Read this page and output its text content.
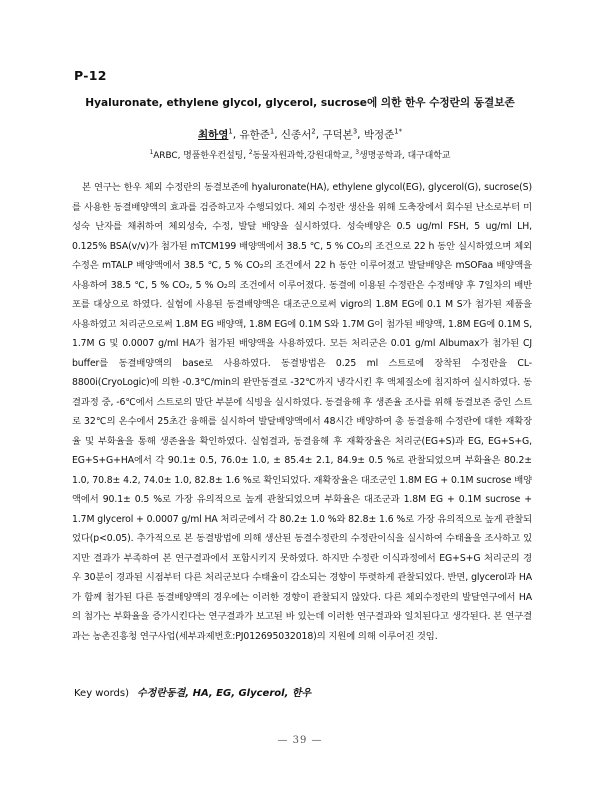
P-12
Hyaluronate, ethylene glycol, glycerol, sucrose에 의한 한우 수정란의 동결보존
최하영$^1$, 유한준$^1$, 신종서$^2$, 구덕본$^3$, 박정준$^{1*}$
$^1$ARBC, 명품한우컨설팅, $^2$동물자원과학,강원대학교, $^3$생명공학과, 대구대학교

본 연구는 한우 체외 수정란의 동결보존에 hyaluronate(HA), ethylene glycol(EG), glycerol(G), sucrose(S)를 사용한 동결배양액의 효과를 검증하고자 수행되었다. 체외 수정란 생산을 위해 도축장에서 회수된 난소로부터 미성숙 난자를 채취하여 체외성숙, 수정, 발달 배양을 실시하였다. 성숙배양은 0.5 ug/ml FSH, 5 ug/ml LH, 0.125% BSA(v/v)가 첨가된 mTCM199 배양액에서 38.5 ℃, 5 % CO₂의 조건으로 22 h 동안 실시하였으며 체외수정은 mTALP 배양액에서 38.5 ℃, 5 % CO₂의 조건에서 22 h 동안 이루어졌고 발달배양은 mSOFaa 배양액을 사용하여 38.5 ℃, 5 % CO₂, 5 % O₂의 조건에서 이루어졌다. 동결에 이용된 수정란은 수정배양 후 7일차의 배반포를 대상으로 하였다. 실험에 사용된 동결배양액은 대조군으로써 vigro의 1.8M EG에 0.1 M S가 첨가된 제품을 사용하였고 처리군으로써 1.8M EG 배양액, 1.8M EG에 0.1M S와 1.7M G이 첨가된 배양액, 1.8M EG에 0.1M S, 1.7M G 및 0.0007 g/ml HA가 첨가된 배양액을 사용하였다. 모든 처리군은 0.01 g/ml Albumax가 첨가된 CJ buffer를 동결배양액의 base로 사용하였다. 동결방법은 0.25 ml 스트로에 장착된 수정란을 CL-8800i(CryoLogic)에 의한 -0.3℃/min의 완만동결로 -32℃까지 냉각시킨 후 액체질소에 침지하여 실시하였다. 동결과정 중, -6℃에서 스트로의 말단 부분에 식빙을 실시하였다. 동결융해 후 생존율 조사를 위해 동결보존 중인 스트로 32℃의 온수에서 25초간 융해를 실시하여 발달배양액에서 48시간 배양하여 총 동결융해 수정란에 대한 재확장율 및 부화율을 통해 생존율을 확인하였다. 실험결과, 동결융해 후 재확장율은 처리군(EG+S)과 EG, EG+S+G, EG+S+G+HA에서 각 90.1± 0.5, 76.0± 1.0, ± 85.4± 2.1, 84.9± 0.5 %로 관찰되었으며 부화율은 80.2± 1.0, 70.8± 4.2, 74.0± 1.0, 82.8± 1.6 %로 확인되었다. 재확장율은 대조군인 1.8M EG + 0.1M sucrose 배양액에서 90.1± 0.5 %로 가장 유의적으로 높게 관찰되었으며 부화율은 대조군과 1.8M EG + 0.1M sucrose + 1.7M glycerol + 0.0007 g/ml HA 처리군에서 각 80.2± 1.0 %와 82.8± 1.6 %로 가장 유의적으로 높게 관찰되었다(p<0.05). 추가적으로 본 동결방법에 의해 생산된 동결수정란의 수정란이식을 실시하여 수태율을 조사하고 있지만 결과가 부족하여 본 연구결과에서 포함시키지 못하였다. 하지만 수정란 이식과정에서 EG+S+G 처리군의 경우 30분이 경과된 시점부터 다른 처리군보다 수태율이 감소되는 경향이 뚜렷하게 관찰되었다. 반면, glycerol과 HA가 함께 첨가된 다른 동결배양액의 경우에는 이러한 경향이 관찰되지 않았다. 다른 체외수정란의 발달연구에서 HA의 첨가는 부화율을 증가시킨다는 연구결과가 보고된 바 있는데 이러한 연구결과와 일치된다고 생각된다. 본 연구결과는 농촌진흥청 연구사업(세부과제번호:PJ012695032018)의 지원에 의해 이루어진 것임.

Key words) 수정란동결, HA, EG, Glycerol, 한우
— 39 —
